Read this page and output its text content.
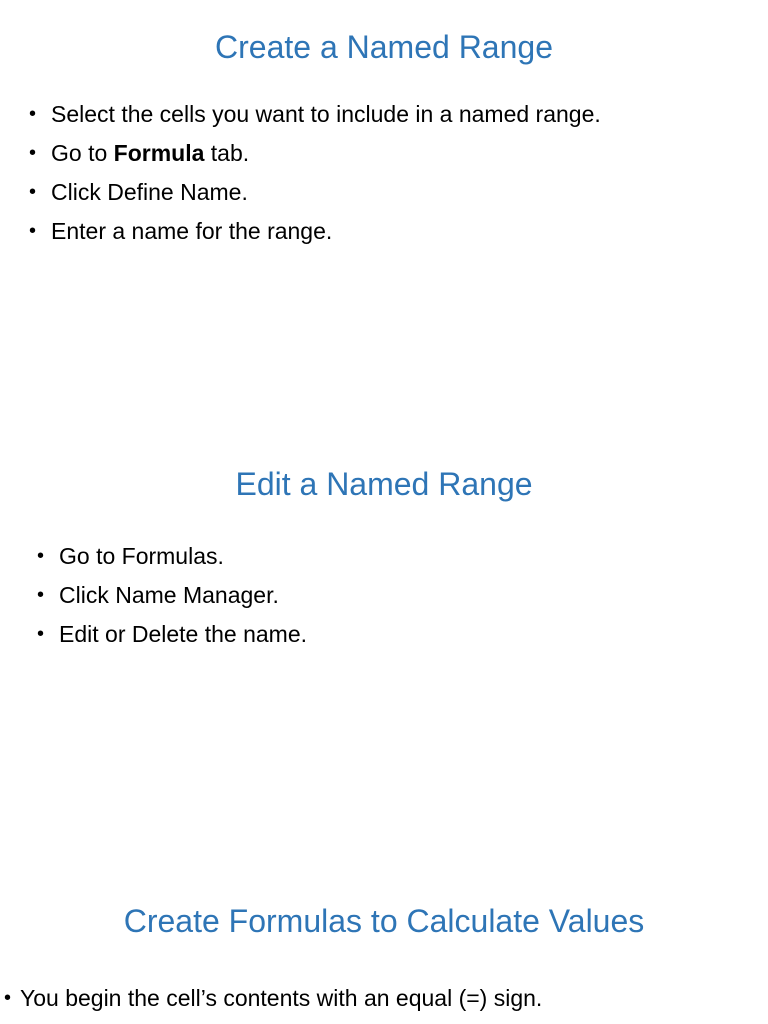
Create a Named Range
• Select the cells you want to include in a named range.
• Go to Formula tab.
• Click Define Name.
• Enter a name for the range.
Edit a Named Range
• Go to Formulas.
• Click Name Manager.
• Edit or Delete the name.
Create Formulas to Calculate Values
• You begin the cell’s contents with an equal (=) sign.
